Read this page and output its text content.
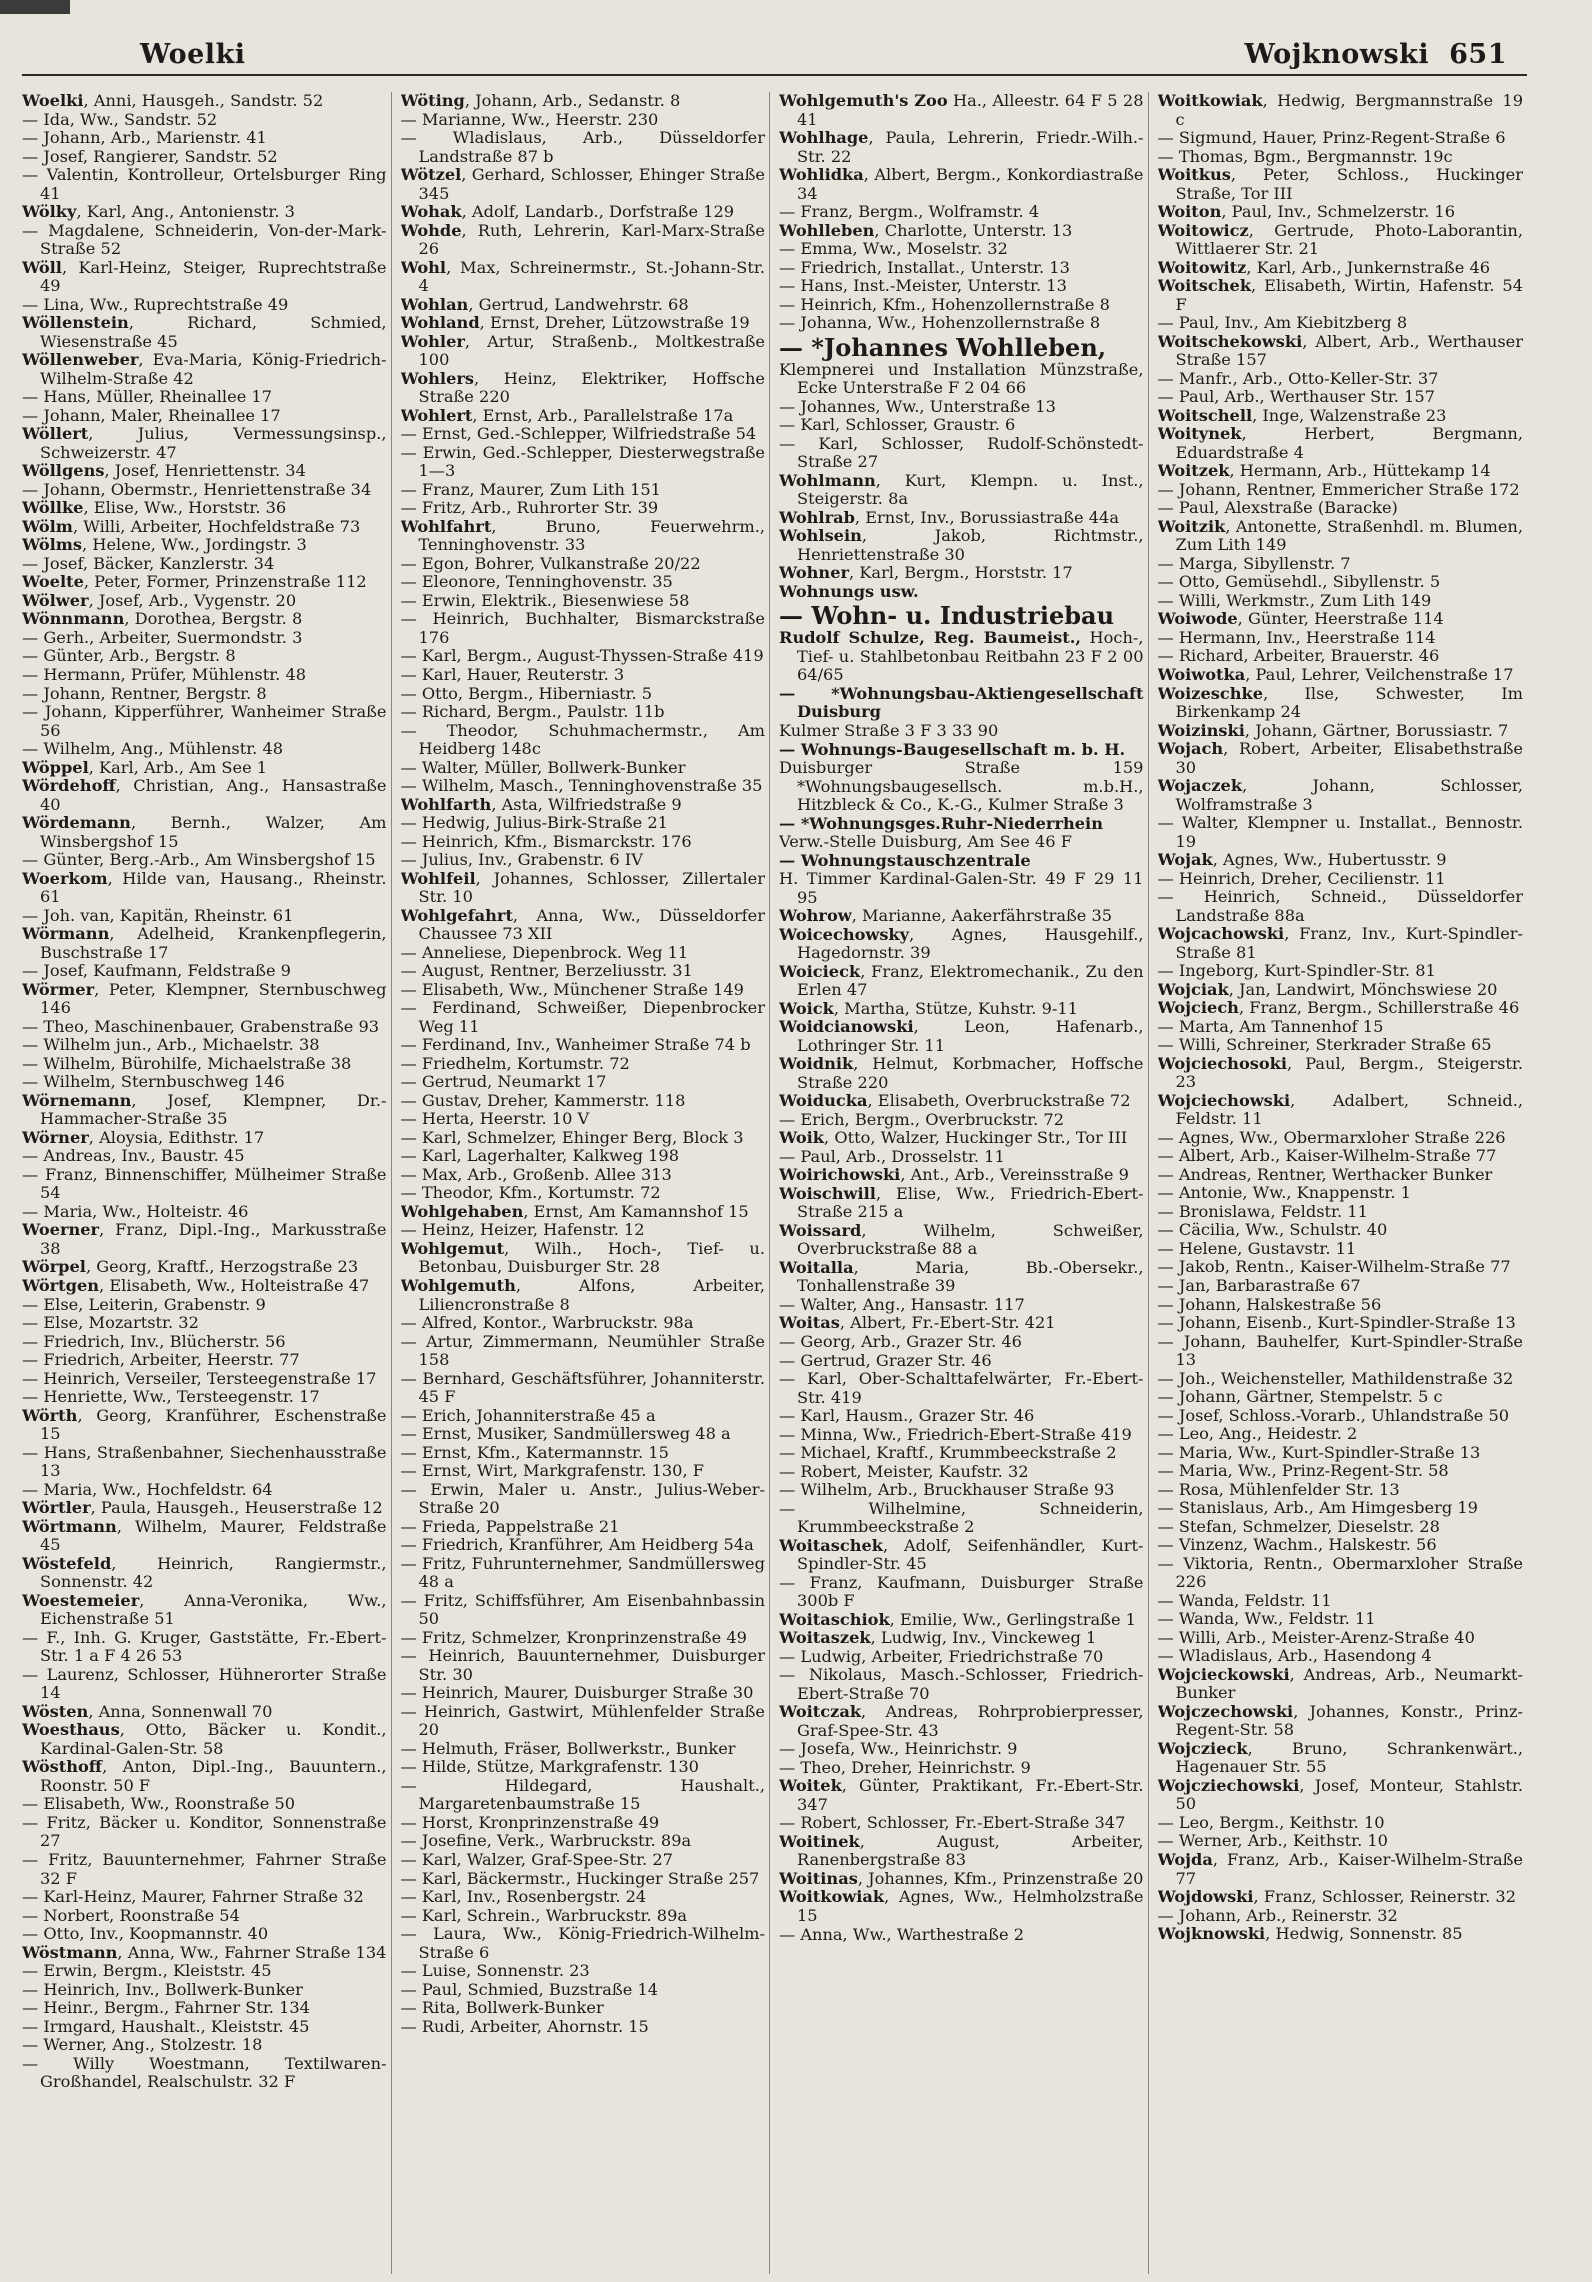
Woelki	Wojknowski 651
Woelki, Anni, Hausgeh., Sandstr. 52
— Ida, Ww., Sandstr. 52
— Johann, Arb., Marienstr. 41
— Josef, Rangierer, Sandstr. 52
— Valentin, Kontrolleur, Ortelsburger Ring 41
Wölky, Karl, Ang., Antonienstr. 3
— Magdalene, Schneiderin, Von-der-Mark-Straße 52
Wöll, Karl-Heinz, Steiger, Ruprechtstraße 49
— Lina, Ww., Ruprechtstraße 49
Wöllenstein, Richard, Schmied, Wiesenstraße 45
Wöllenweber, Eva-Maria, König-Friedrich-Wilhelm-Straße 42
— Hans, Müller, Rheinallee 17
— Johann, Maler, Rheinallee 17
Wöllert, Julius, Vermessungsinsp., Schweizerstr. 47
Wöllgens, Josef, Henriettenstr. 34
— Johann, Obermstr., Henriettenstraße 34
Wöllke, Elise, Ww., Horststr. 36
Wölm, Willi, Arbeiter, Hochfeldstraße 73
Wölms, Helene, Ww., Jordingstr. 3
— Josef, Bäcker, Kanzlerstr. 34
Woelte, Peter, Former, Prinzenstraße 112
Wölwer, Josef, Arb., Vygenstr. 20
Wönnmann, Dorothea, Bergstr. 8
— Gerh., Arbeiter, Suermondstr. 3
— Günter, Arb., Bergstr. 8
— Hermann, Prüfer, Mühlenstr. 48
— Johann, Rentner, Bergstr. 8
— Johann, Kipperführer, Wanheimer Straße 56
— Wilhelm, Ang., Mühlenstr. 48
Wöppel, Karl, Arb., Am See 1
Wördehoff, Christian, Ang., Hansastraße 40
Wördemann, Bernh., Walzer, Am Winsbergshof 15
— Günter, Berg.-Arb., Am Winsbergshof 15
Woerkom, Hilde van, Hausang., Rheinstr. 61
— Joh. van, Kapitän, Rheinstr. 61
Wörmann, Adelheid, Krankenpflegerin, Buschstraße 17
— Josef, Kaufmann, Feldstraße 9
Wörmer, Peter, Klempner, Sternbuschweg 146
— Theo, Maschinenbauer, Grabenstraße 93
— Wilhelm jun., Arb., Michaelstr. 38
— Wilhelm, Bürohilfe, Michaelstraße 38
— Wilhelm, Sternbuschweg 146
Wörnemann, Josef, Klempner, Dr.-Hammacher-Straße 35
Wörner, Aloysia, Edithstr. 17
— Andreas, Inv., Baustr. 45
— Franz, Binnenschiffer, Mülheimer Straße 54
— Maria, Ww., Holteistr. 46
Woerner, Franz, Dipl.-Ing., Markusstraße 38
Wörpel, Georg, Kraftf., Herzogstraße 23
Wörtgen, Elisabeth, Ww., Holteistraße 47
— Else, Leiterin, Grabenstr. 9
— Else, Mozartstr. 32
— Friedrich, Inv., Blücherstr. 56
— Friedrich, Arbeiter, Heerstr. 77
— Heinrich, Verseiler, Tersteegenstraße 17
— Henriette, Ww., Tersteegenstr. 17
Wörth, Georg, Kranführer, Eschenstraße 15
— Hans, Straßenbahner, Siechenhausstraße 13
— Maria, Ww., Hochfeldstr. 64
Wörtler, Paula, Hausgeh., Heuserstraße 12
Wörtmann, Wilhelm, Maurer, Feldstraße 45
Wöstefeld, Heinrich, Rangiermstr., Sonnenstr. 42
Woestemeier, Anna-Veronika, Ww., Eichenstraße 51
— F., Inh. G. Kruger, Gaststätte, Fr.-Ebert-Str. 1 a F 4 26 53
— Laurenz, Schlosser, Hühnerorter Straße 14
Wösten, Anna, Sonnenwall 70
Woesthaus, Otto, Bäcker u. Kondit., Kardinal-Galen-Str. 58
Wösthoff, Anton, Dipl.-Ing., Bauuntern., Roonstr. 50 F
— Elisabeth, Ww., Roonstraße 50
— Fritz, Bäcker u. Konditor, Sonnenstraße 27
— Fritz, Bauunternehmer, Fahrner Straße 32 F
— Karl-Heinz, Maurer, Fahrner Straße 32
— Norbert, Roonstraße 54
— Otto, Inv., Koopmannstr. 40
Wöstmann, Anna, Ww., Fahrner Straße 134
— Erwin, Bergm., Kleiststr. 45
— Heinrich, Inv., Bollwerk-Bunker
— Heinr., Bergm., Fahrner Str. 134
— Irmgard, Haushalt., Kleiststr. 45
— Werner, Ang., Stolzestr. 18
— Willy Woestmann, Textilwaren-Großhandel, Realschulstr. 32 F
Wöting, Johann, Arb., Sedanstr. 8
— Marianne, Ww., Heerstr. 230
— Wladislaus, Arb., Düsseldorfer Landstraße 87 b
Wötzel, Gerhard, Schlosser, Ehinger Straße 345
Wohak, Adolf, Landarb., Dorfstraße 129
Wohde, Ruth, Lehrerin, Karl-Marx-Straße 26
Wohl, Max, Schreinermstr., St.-Johann-Str. 4
Wohlan, Gertrud, Landwehrstr. 68
Wohland, Ernst, Dreher, Lützowstraße 19
Wohler, Artur, Straßenb., Moltkestraße 100
Wohlers, Heinz, Elektriker, Hoffsche Straße 220
Wohlert, Ernst, Arb., Parallelstraße 17a
— Ernst, Ged.-Schlepper, Wilfriedstraße 54
— Erwin, Ged.-Schlepper, Diesterwegstraße 1—3
— Franz, Maurer, Zum Lith 151
— Fritz, Arb., Ruhrorter Str. 39
Wohlfahrt, Bruno, Feuerwehrm., Tenninghovenstr. 33
— Egon, Bohrer, Vulkanstraße 20/22
— Eleonore, Tenninghovenstr. 35
— Erwin, Elektrik., Biesenwiese 58
— Heinrich, Buchhalter, Bismarckstraße 176
— Karl, Bergm., August-Thyssen-Straße 419
— Karl, Hauer, Reuterstr. 3
— Otto, Bergm., Hiberniastr. 5
— Richard, Bergm., Paulstr. 11b
— Theodor, Schuhmachermstr., Am Heidberg 148c
— Walter, Müller, Bollwerk-Bunker
— Wilhelm, Masch., Tenninghovenstraße 35
Wohlfarth, Asta, Wilfriedstraße 9
— Hedwig, Julius-Birk-Straße 21
— Heinrich, Kfm., Bismarckstr. 176
— Julius, Inv., Grabenstr. 6 IV
Wohlfeil, Johannes, Schlosser, Zillertaler Str. 10
Wohlgefahrt, Anna, Ww., Düsseldorfer Chaussee 73 XII
— Anneliese, Diepenbrock. Weg 11
— August, Rentner, Berzeliusstr. 31
— Elisabeth, Ww., Münchener Straße 149
— Ferdinand, Schweißer, Diepenbrocker Weg 11
— Ferdinand, Inv., Wanheimer Straße 74 b
— Friedhelm, Kortumstr. 72
— Gertrud, Neumarkt 17
— Gustav, Dreher, Kammerstr. 118
— Herta, Heerstr. 10 V
— Karl, Schmelzer, Ehinger Berg, Block 3
— Karl, Lagerhalter, Kalkweg 198
— Max, Arb., Großenb. Allee 313
— Theodor, Kfm., Kortumstr. 72
Wohlgehaben, Ernst, Am Kamannshof 15
— Heinz, Heizer, Hafenstr. 12
Wohlgemut, Wilh., Hoch-, Tief- u. Betonbau, Duisburger Str. 28
Wohlgemuth, Alfons, Arbeiter, Liliencronstraße 8
— Alfred, Kontor., Warbruckstr. 98a
— Artur, Zimmermann, Neumühler Straße 158
— Bernhard, Geschäftsführer, Johanniterstr. 45 F
— Erich, Johanniterstraße 45 a
— Ernst, Musiker, Sandmüllersweg 48 a
— Ernst, Kfm., Katermannstr. 15
— Ernst, Wirt, Markgrafenstr. 130, F
— Erwin, Maler u. Anstr., Julius-Weber-Straße 20
— Frieda, Pappelstraße 21
— Friedrich, Kranführer, Am Heidberg 54a
— Fritz, Fuhrunternehmer, Sandmüllersweg 48 a
— Fritz, Schiffsführer, Am Eisenbahnbassin 50
— Fritz, Schmelzer, Kronprinzenstraße 49
— Heinrich, Bauunternehmer, Duisburger Str. 30
— Heinrich, Maurer, Duisburger Straße 30
— Heinrich, Gastwirt, Mühlenfelder Straße 20
— Helmuth, Fräser, Bollwerkstr., Bunker
— Hilde, Stütze, Markgrafenstr. 130
— Hildegard, Haushalt., Margaretenbaumstraße 15
— Horst, Kronprinzenstraße 49
— Josefine, Verk., Warbruckstr. 89a
— Karl, Walzer, Graf-Spee-Str. 27
— Karl, Bäckermstr., Huckinger Straße 257
— Karl, Inv., Rosenbergstr. 24
— Karl, Schrein., Warbruckstr. 89a
— Laura, Ww., König-Friedrich-Wilhelm-Straße 6
— Luise, Sonnenstr. 23
— Paul, Schmied, Buzstraße 14
— Rita, Bollwerk-Bunker
— Rudi, Arbeiter, Ahornstr. 15
Wohlgemuth's Zoo Ha., Alleestr. 64 F 5 28 41
Wohlhage, Paula, Lehrerin, Friedr.-Wilh.-Str. 22
Wohlidka, Albert, Bergm., Konkordiastraße 34
— Franz, Bergm., Wolframstr. 4
Wohlleben, Charlotte, Unterstr. 13
— Emma, Ww., Moselstr. 32
— Friedrich, Installat., Unterstr. 13
— Hans, Inst.-Meister, Unterstr. 13
— Heinrich, Kfm., Hohenzollernstraße 8
— Johanna, Ww., Hohenzollernstraße 8
— *Johannes Wohlleben,
Klempnerei und Installation Münzstraße, Ecke Unterstraße F 2 04 66
— Johannes, Ww., Unterstraße 13
— Karl, Schlosser, Graustr. 6
— Karl, Schlosser, Rudolf-Schönstedt-Straße 27
Wohlmann, Kurt, Klempn. u. Inst., Steigerstr. 8a
Wohlrab, Ernst, Inv., Borussiastraße 44a
Wohlsein, Jakob, Richtmstr., Henriettenstraße 30
Wohner, Karl, Bergm., Horststr. 17
Wohnungs usw.
— Wohn- u. Industriebau
Rudolf Schulze, Reg. Baumeist., Hoch-, Tief- u. Stahlbetonbau Reitbahn 23 F 2 00 64/65
— *Wohnungsbau-Aktiengesellschaft Duisburg
Kulmer Straße 3 F 3 33 90
— Wohnungs-Baugesellschaft m. b. H.
Duisburger Straße 159 *Wohnungsbaugesellsch. m.b.H., Hitzbleck & Co., K.-G., Kulmer Straße 3
— *Wohnungsges.Ruhr-Niederrhein
Verw.-Stelle Duisburg, Am See 46 F
— Wohnungstauschzentrale
H. Timmer Kardinal-Galen-Str. 49 F 29 11 95
Wohrow, Marianne, Aakerfährstraße 35
Woicechowsky, Agnes, Hausgehilf., Hagedornstr. 39
Woicieck, Franz, Elektromechanik., Zu den Erlen 47
Woick, Martha, Stütze, Kuhstr. 9-11
Woidcianowski, Leon, Hafenarb., Lothringer Str. 11
Woidnik, Helmut, Korbmacher, Hoffsche Straße 220
Woiducka, Elisabeth, Overbruckstraße 72
— Erich, Bergm., Overbruckstr. 72
Woik, Otto, Walzer, Huckinger Str., Tor III
— Paul, Arb., Drosselstr. 11
Woirichowski, Ant., Arb., Vereinsstraße 9
Woischwill, Elise, Ww., Friedrich-Ebert-Straße 215 a
Woissard, Wilhelm, Schweißer, Overbruckstraße 88 a
Woitalla, Maria, Bb.-Obersekr., Tonhallenstraße 39
— Walter, Ang., Hansastr. 117
Woitas, Albert, Fr.-Ebert-Str. 421
— Georg, Arb., Grazer Str. 46
— Gertrud, Grazer Str. 46
— Karl, Ober-Schalttafelwärter, Fr.-Ebert-Str. 419
— Karl, Hausm., Grazer Str. 46
— Minna, Ww., Friedrich-Ebert-Straße 419
— Michael, Kraftf., Krummbeeckstraße 2
— Robert, Meister, Kaufstr. 32
— Wilhelm, Arb., Bruckhauser Straße 93
— Wilhelmine, Schneiderin, Krummbeeckstraße 2
Woitaschek, Adolf, Seifenhändler, Kurt-Spindler-Str. 45
— Franz, Kaufmann, Duisburger Straße 300b F
Woitaschiok, Emilie, Ww., Gerlingstraße 1
Woitaszek, Ludwig, Inv., Vinckeweg 1
— Ludwig, Arbeiter, Friedrichstraße 70
— Nikolaus, Masch.-Schlosser, Friedrich-Ebert-Straße 70
Woitczak, Andreas, Rohrprobierpresser, Graf-Spee-Str. 43
— Josefa, Ww., Heinrichstr. 9
— Theo, Dreher, Heinrichstr. 9
Woitek, Günter, Praktikant, Fr.-Ebert-Str. 347
— Robert, Schlosser, Fr.-Ebert-Straße 347
Woitinek, August, Arbeiter, Ranenbergstraße 83
Woitinas, Johannes, Kfm., Prinzenstraße 20
Woitkowiak, Agnes, Ww., Helmholzstraße 15
— Anna, Ww., Warthestraße 2
Woitkowiak, Hedwig, Bergmannstraße 19 c
— Sigmund, Hauer, Prinz-Regent-Straße 6
— Thomas, Bgm., Bergmannstr. 19c
Woitkus, Peter, Schloss., Huckinger Straße, Tor III
Woiton, Paul, Inv., Schmelzerstr. 16
Woitowicz, Gertrude, Photo-Laborantin, Wittlaerer Str. 21
Woitowitz, Karl, Arb., Junkernstraße 46
Woitschek, Elisabeth, Wirtin, Hafenstr. 54 F
— Paul, Inv., Am Kiebitzberg 8
Woitschekowski, Albert, Arb., Werthauser Straße 157
— Manfr., Arb., Otto-Keller-Str. 37
— Paul, Arb., Werthauser Str. 157
Woitschell, Inge, Walzenstraße 23
Woitynek, Herbert, Bergmann, Eduardstraße 4
Woitzek, Hermann, Arb., Hüttekamp 14
— Johann, Rentner, Emmericher Straße 172
— Paul, Alexstraße (Baracke)
Woitzik, Antonette, Straßenhdl. m. Blumen, Zum Lith 149
— Marga, Sibyllenstr. 7
— Otto, Gemüsehdl., Sibyllenstr. 5
— Willi, Werkmstr., Zum Lith 149
Woiwode, Günter, Heerstraße 114
— Hermann, Inv., Heerstraße 114
— Richard, Arbeiter, Brauerstr. 46
Woiwotka, Paul, Lehrer, Veilchenstraße 17
Woizeschke, Ilse, Schwester, Im Birkenkamp 24
Woizinski, Johann, Gärtner, Borussiastr. 7
Wojach, Robert, Arbeiter, Elisabethstraße 30
Wojaczek, Johann, Schlosser, Wolframstraße 3
— Walter, Klempner u. Installat., Bennostr. 19
Wojak, Agnes, Ww., Hubertusstr. 9
— Heinrich, Dreher, Cecilienstr. 11
— Heinrich, Schneid., Düsseldorfer Landstraße 88a
Wojcachowski, Franz, Inv., Kurt-Spindler-Straße 81
— Ingeborg, Kurt-Spindler-Str. 81
Wojciak, Jan, Landwirt, Mönchswiese 20
Wojciech, Franz, Bergm., Schillerstraße 46
— Marta, Am Tannenhof 15
— Willi, Schreiner, Sterkrader Straße 65
Wojciechosoki, Paul, Bergm., Steigerstr. 23
Wojciechowski, Adalbert, Schneid., Feldstr. 11
— Agnes, Ww., Obermarxloher Straße 226
— Albert, Arb., Kaiser-Wilhelm-Straße 77
— Andreas, Rentner, Werthacker Bunker
— Antonie, Ww., Knappenstr. 1
— Bronislawa, Feldstr. 11
— Cäcilia, Ww., Schulstr. 40
— Helene, Gustavstr. 11
— Jakob, Rentn., Kaiser-Wilhelm-Straße 77
— Jan, Barbarastraße 67
— Johann, Halskestraße 56
— Johann, Eisenb., Kurt-Spindler-Straße 13
— Johann, Bauhelfer, Kurt-Spindler-Straße 13
— Joh., Weichensteller, Mathildenstraße 32
— Johann, Gärtner, Stempelstr. 5 c
— Josef, Schloss.-Vorarb., Uhlandstraße 50
— Leo, Ang., Heidestr. 2
— Maria, Ww., Kurt-Spindler-Straße 13
— Maria, Ww., Prinz-Regent-Str. 58
— Rosa, Mühlenfelder Str. 13
— Stanislaus, Arb., Am Himgesberg 19
— Stefan, Schmelzer, Dieselstr. 28
— Vinzenz, Wachm., Halskestr. 56
— Viktoria, Rentn., Obermarxloher Straße 226
— Wanda, Feldstr. 11
— Wanda, Ww., Feldstr. 11
— Willi, Arb., Meister-Arenz-Straße 40
— Wladislaus, Arb., Hasendong 4
Wojcieckowski, Andreas, Arb., Neumarkt-Bunker
Wojczechowski, Johannes, Konstr., Prinz-Regent-Str. 58
Wojczieck, Bruno, Schrankenwärt., Hagenauer Str. 55
Wojcziechowski, Josef, Monteur, Stahlstr. 50
— Leo, Bergm., Keithstr. 10
— Werner, Arb., Keithstr. 10
Wojda, Franz, Arb., Kaiser-Wilhelm-Straße 77
Wojdowski, Franz, Schlosser, Reinerstr. 32
— Johann, Arb., Reinerstr. 32
Wojknowski, Hedwig, Sonnenstr. 85
